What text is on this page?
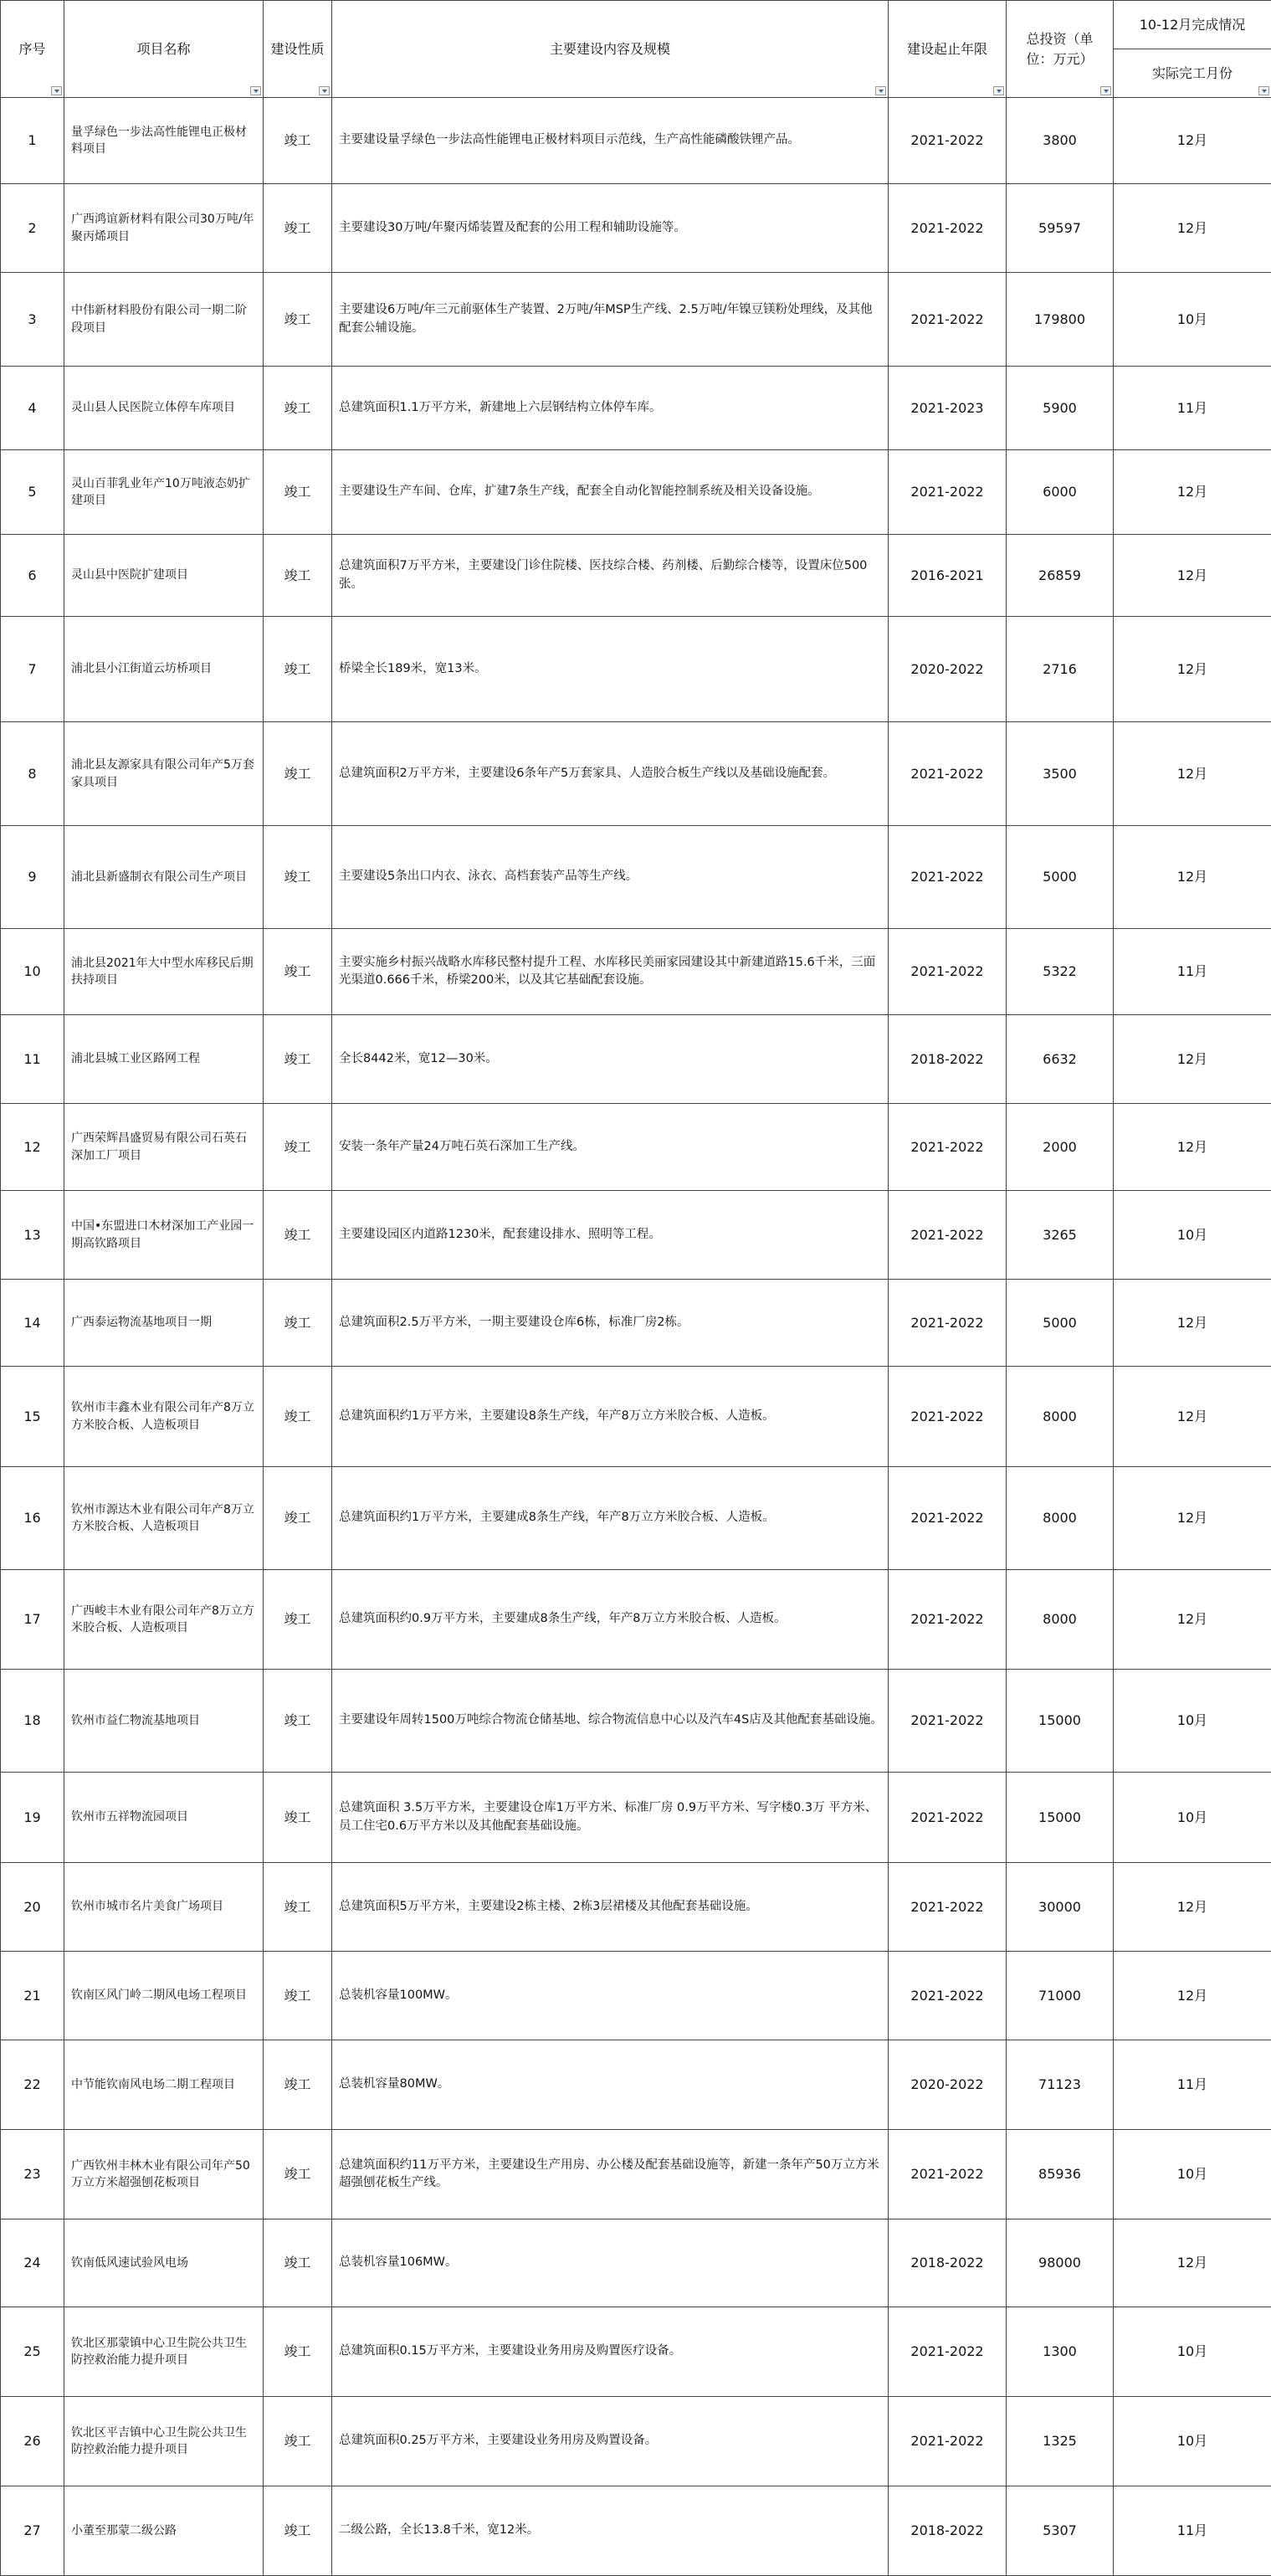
序号	项目名称	建设性质	主要建设内容及规模	建设起止年限	总投资（单位：万元）	10-12月完成情况
						实际完工月份

1	量孚绿色一步法高性能锂电正极材料项目	竣工	主要建设量孚绿色一步法高性能锂电正极材料项目示范线，生产高性能磷酸铁锂产品。	2021-2022	3800	12月
2	广西鸿谊新材料有限公司30万吨/年聚丙烯项目	竣工	主要建设30万吨/年聚丙烯装置及配套的公用工程和辅助设施等。	2021-2022	59597	12月
3	中伟新材料股份有限公司一期二阶段项目	竣工	主要建设6万吨/年三元前驱体生产装置、2万吨/年MSP生产线、2.5万吨/年镍豆镁粉处理线，及其他配套公辅设施。	2021-2022	179800	10月
4	灵山县人民医院立体停车库项目	竣工	总建筑面积1.1万平方米，新建地上六层钢结构立体停车库。	2021-2023	5900	11月
5	灵山百菲乳业年产10万吨液态奶扩建项目	竣工	主要建设生产车间、仓库，扩建7条生产线，配套全自动化智能控制系统及相关设备设施。	2021-2022	6000	12月
6	灵山县中医院扩建项目	竣工	总建筑面积7万平方米，主要建设门诊住院楼、医技综合楼、药剂楼、后勤综合楼等，设置床位500张。	2016-2021	26859	12月
7	浦北县小江街道云坊桥项目	竣工	桥梁全长189米，宽13米。	2020-2022	2716	12月
8	浦北县友源家具有限公司年产5万套家具项目	竣工	总建筑面积2万平方米，主要建设6条年产5万套家具、人造胶合板生产线以及基础设施配套。	2021-2022	3500	12月
9	浦北县新盛制衣有限公司生产项目	竣工	主要建设5条出口内衣、泳衣、高档套装产品等生产线。	2021-2022	5000	12月
10	浦北县2021年大中型水库移民后期扶持项目	竣工	主要实施乡村振兴战略水库移民整村提升工程、水库移民美丽家园建设其中新建道路15.6千米，三面光渠道0.666千米，桥梁200米，以及其它基础配套设施。	2021-2022	5322	11月
11	浦北县城工业区路网工程	竣工	全长8442米，宽12—30米。	2018-2022	6632	12月
12	广西荣辉昌盛贸易有限公司石英石深加工厂项目	竣工	安装一条年产量24万吨石英石深加工生产线。	2021-2022	2000	12月
13	中国•东盟进口木材深加工产业园一期高钦路项目	竣工	主要建设园区内道路1230米，配套建设排水、照明等工程。	2021-2022	3265	10月
14	广西泰运物流基地项目一期	竣工	总建筑面积2.5万平方米，一期主要建设仓库6栋，标准厂房2栋。	2021-2022	5000	12月
15	钦州市丰鑫木业有限公司年产8万立方米胶合板、人造板项目	竣工	总建筑面积约1万平方米，主要建设8条生产线，年产8万立方米胶合板、人造板。	2021-2022	8000	12月
16	钦州市源达木业有限公司年产8万立方米胶合板、人造板项目	竣工	总建筑面积约1万平方米，主要建成8条生产线，年产8万立方米胶合板、人造板。	2021-2022	8000	12月
17	广西峻丰木业有限公司年产8万立方米胶合板、人造板项目	竣工	总建筑面积约0.9万平方米，主要建成8条生产线，年产8万立方米胶合板、人造板。	2021-2022	8000	12月
18	钦州市益仁物流基地项目	竣工	主要建设年周转1500万吨综合物流仓储基地、综合物流信息中心以及汽车4S店及其他配套基础设施。	2021-2022	15000	10月
19	钦州市五祥物流园项目	竣工	总建筑面积 3.5万平方米，主要建设仓库1万平方米、标准厂房 0.9万平方米、写字楼0.3万 平方米、员工住宅0.6万平方米以及其他配套基础设施。	2021-2022	15000	10月
20	钦州市城市名片美食广场项目	竣工	总建筑面积5万平方米，主要建设2栋主楼、2栋3层裙楼及其他配套基础设施。	2021-2022	30000	12月
21	钦南区风门岭二期风电场工程项目	竣工	总装机容量100MW。	2021-2022	71000	12月
22	中节能钦南风电场二期工程项目	竣工	总装机容量80MW。	2020-2022	71123	11月
23	广西钦州丰林木业有限公司年产50万立方米超强刨花板项目	竣工	总建筑面积约11万平方米，主要建设生产用房、办公楼及配套基础设施等，新建一条年产50万立方米超强刨花板生产线。	2021-2022	85936	10月
24	钦南低风速试验风电场	竣工	总装机容量106MW。	2018-2022	98000	12月
25	钦北区那蒙镇中心卫生院公共卫生防控救治能力提升项目	竣工	总建筑面积0.15万平方米，主要建设业务用房及购置医疗设备。	2021-2022	1300	10月
26	钦北区平吉镇中心卫生院公共卫生防控救治能力提升项目	竣工	总建筑面积0.25万平方米，主要建设业务用房及购置设备。	2021-2022	1325	10月
27	小董至那蒙二级公路	竣工	二级公路，全长13.8千米，宽12米。	2018-2022	5307	11月
